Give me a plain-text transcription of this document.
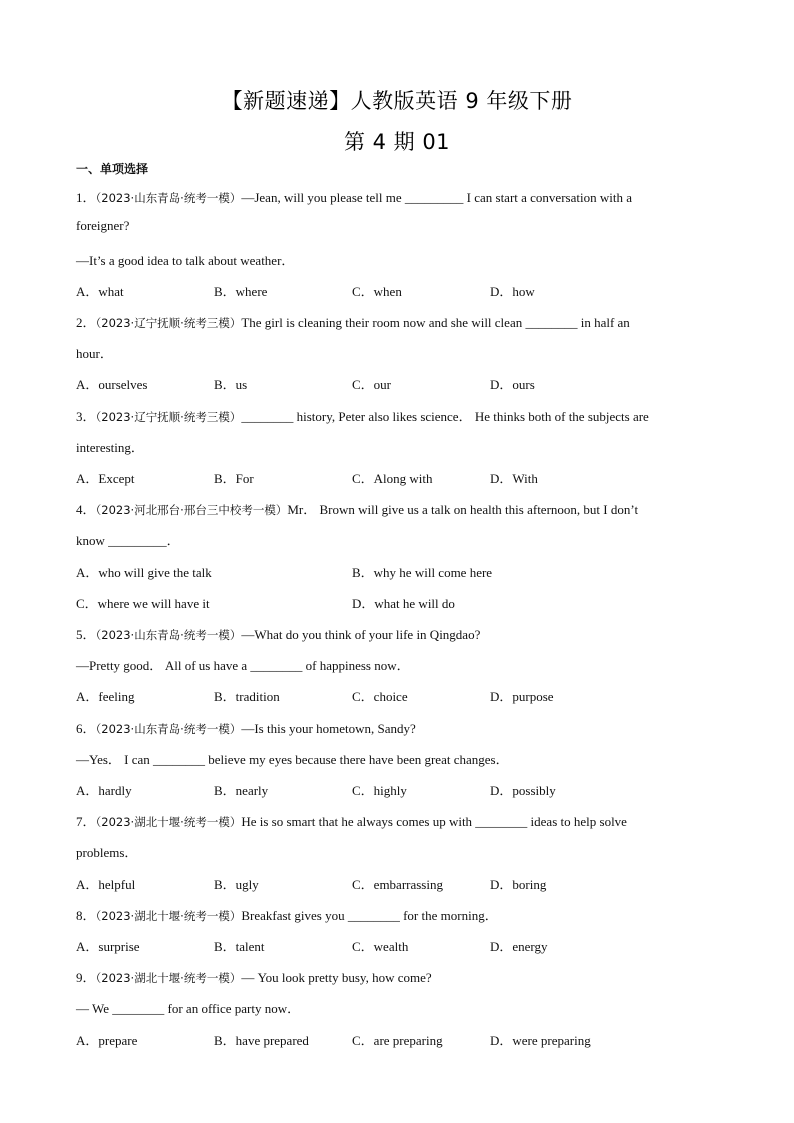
【新题速递】人教版英语 9 年级下册
第 4 期 01
一、单项选择
1．（2023·山东青岛·统考一模）—Jean, will you please tell me _________ I can start a conversation with a
foreigner?
—It’s a good idea to talk about weather．
A．what	B．where	C．when	D．how
2．（2023·辽宁抚顺·统考三模）The girl is cleaning their room now and she will clean ________ in half an
hour．
A．ourselves	B．us	C．our	D．ours
3．（2023·辽宁抚顺·统考三模）________ history, Peter also likes science． He thinks both of the subjects are
interesting．
A．Except	B．For	C．Along with	D．With
4．（2023·河北邢台·邢台三中校考一模）Mr． Brown will give us a talk on health this afternoon, but I don’t
know _________．
A．who will give the talk	B．why he will come here
C．where we will have it	D．what he will do
5．（2023·山东青岛·统考一模）—What do you think of your life in Qingdao?
—Pretty good． All of us have a ________ of happiness now．
A．feeling	B．tradition	C．choice	D．purpose
6．（2023·山东青岛·统考一模）—Is this your hometown, Sandy?
—Yes． I can ________ believe my eyes because there have been great changes．
A．hardly	B．nearly	C．highly	D．possibly
7．（2023·湖北十堰·统考一模）He is so smart that he always comes up with ________ ideas to help solve
problems．
A．helpful	B．ugly	C．embarrassing	D．boring
8．（2023·湖北十堰·统考一模）Breakfast gives you ________ for the morning．
A．surprise	B．talent	C．wealth	D．energy
9．（2023·湖北十堰·统考一模）— You look pretty busy, how come?
— We ________ for an office party now．
A．prepare	B．have prepared	C．are preparing	D．were preparing
